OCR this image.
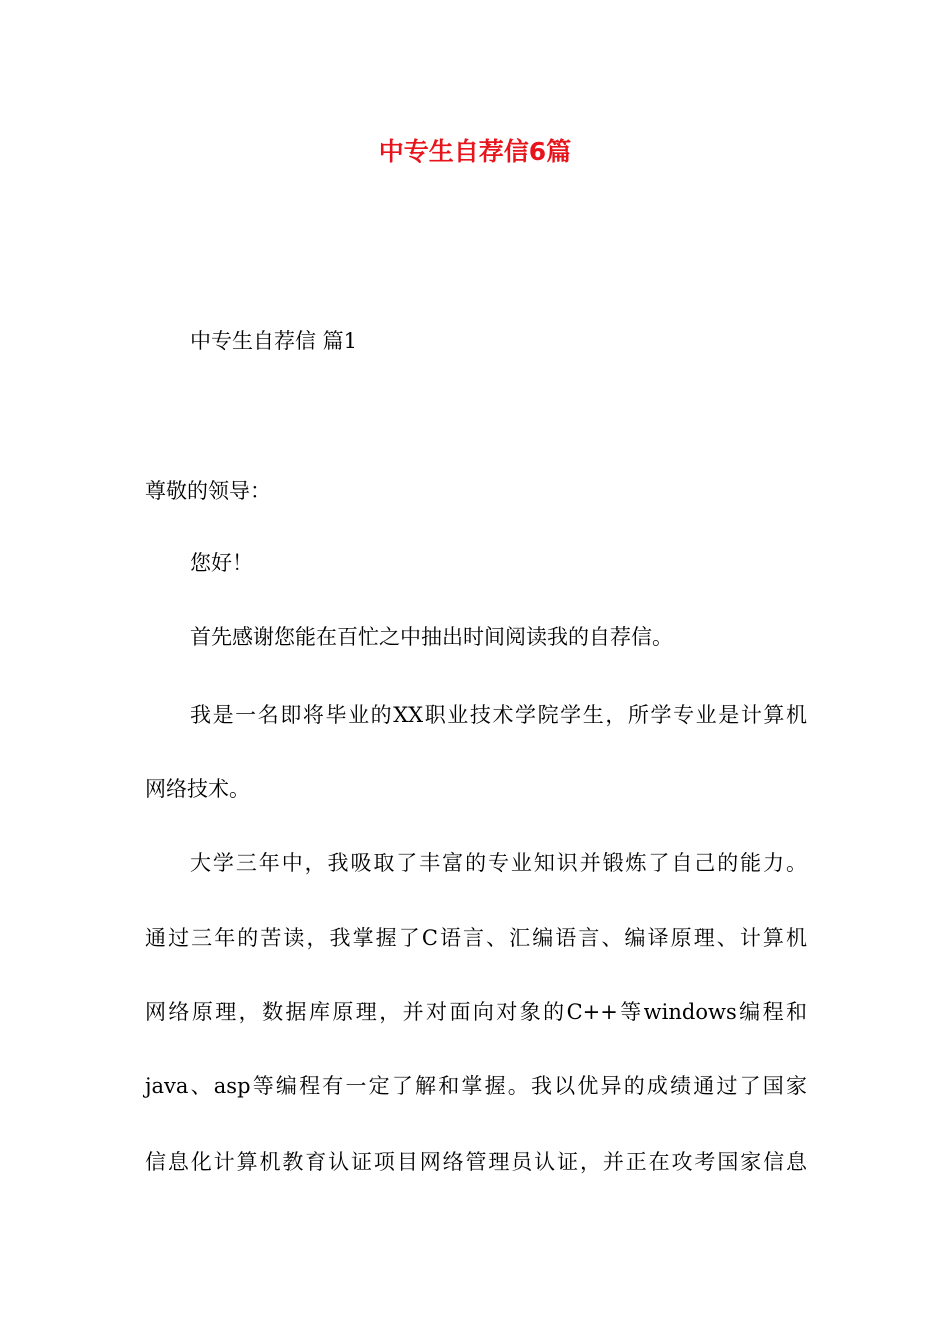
中专生自荐信6篇

中专生自荐信 篇1

尊敬的领导：

您好！

首先感谢您能在百忙之中抽出时间阅读我的自荐信。

我是一名即将毕业的XX职业技术学院学生，所学专业是计算机

网络技术。

大学三年中，我吸取了丰富的专业知识并锻炼了自己的能力。

通过三年的苦读，我掌握了C语言、汇编语言、编译原理、计算机

网络原理，数据库原理，并对面向对象的C++等windows编程和

java、asp等编程有一定了解和掌握。我以优异的成绩通过了国家

信息化计算机教育认证项目网络管理员认证，并正在攻考国家信息
